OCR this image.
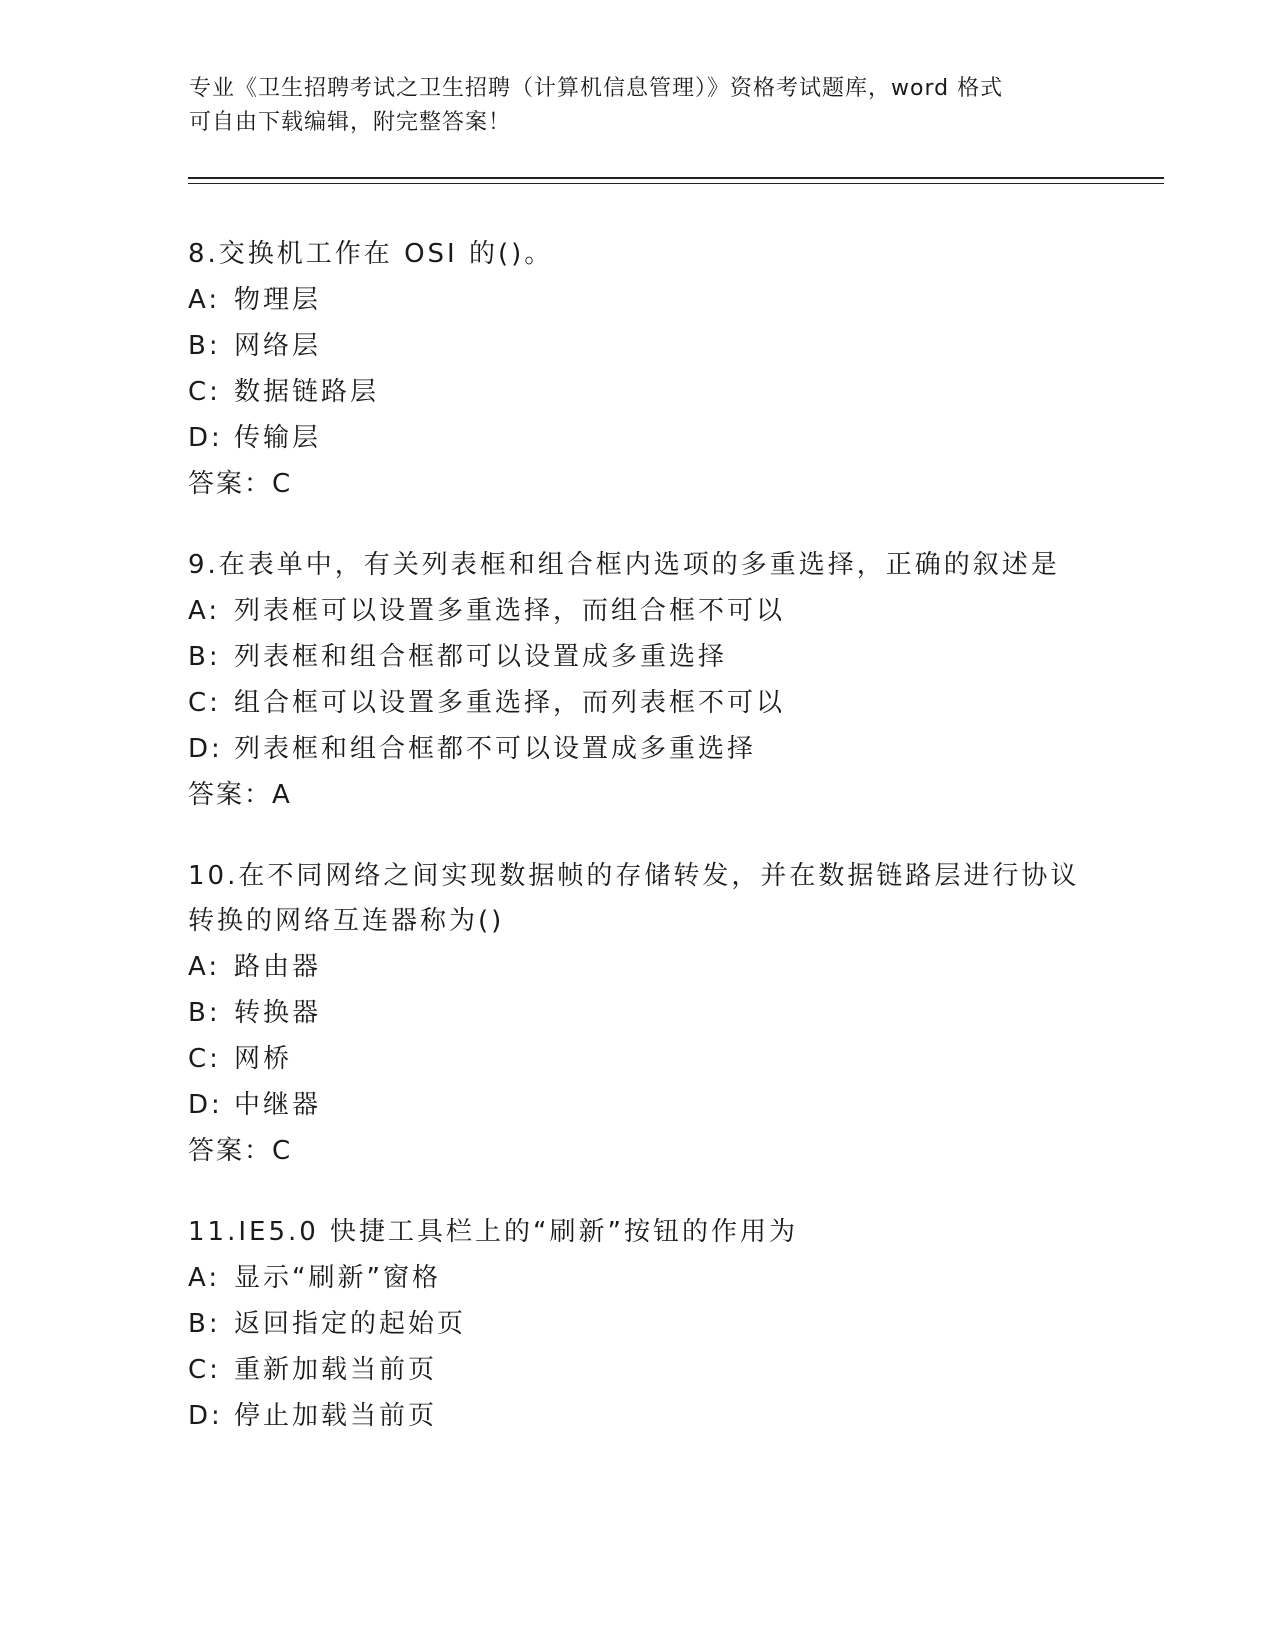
专业《卫生招聘考试之卫生招聘（计算机信息管理）》资格考试题库，word 格式
可自由下载编辑，附完整答案！

8.交换机工作在 OSI 的()。

A: 物理层

B: 网络层

C: 数据链路层

D: 传输层

答案：C

9.在表单中，有关列表框和组合框内选项的多重选择，正确的叙述是

A: 列表框可以设置多重选择，而组合框不可以

B: 列表框和组合框都可以设置成多重选择

C: 组合框可以设置多重选择，而列表框不可以

D: 列表框和组合框都不可以设置成多重选择

答案：A

10.在不同网络之间实现数据帧的存储转发，并在数据链路层进行协议转换的网络互连器称为()

A: 路由器

B: 转换器

C: 网桥

D: 中继器

答案：C

11.IE5.0 快捷工具栏上的“刷新”按钮的作用为

A: 显示“刷新”窗格

B: 返回指定的起始页

C: 重新加载当前页

D: 停止加载当前页
